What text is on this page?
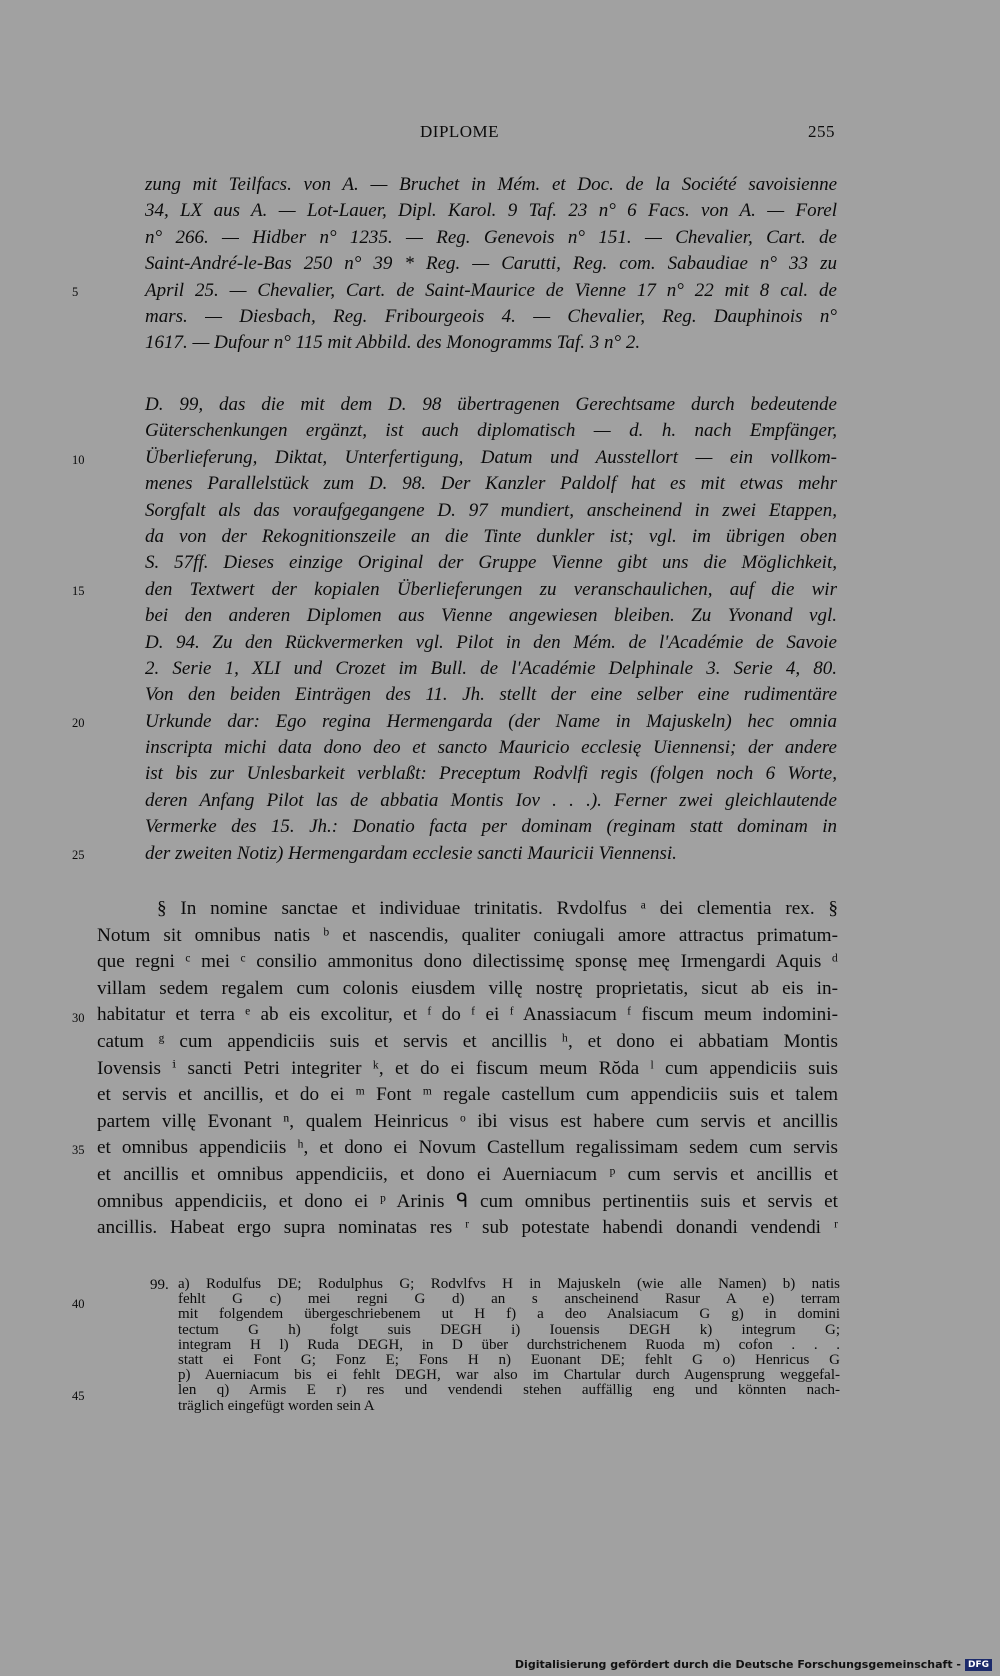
DIPLOME	255
5
10
15
20
25
30
35
40
45
zung mit Teilfacs. von A. — Bruchet in Mém. et Doc. de la Société savoisienne
34, LX aus A. — Lot-Lauer, Dipl. Karol. 9 Taf. 23 n° 6 Facs. von A. — Forel
n° 266. — Hidber n° 1235. — Reg. Genevois n° 151. — Chevalier, Cart. de
Saint-André-le-Bas 250 n° 39 * Reg. — Carutti, Reg. com. Sabaudiae n° 33 zu
April 25. — Chevalier, Cart. de Saint-Maurice de Vienne 17 n° 22 mit 8 cal. de
mars. — Diesbach, Reg. Fribourgeois 4. — Chevalier, Reg. Dauphinois n°
1617. — Dufour n° 115 mit Abbild. des Monogramms Taf. 3 n° 2.
D. 99, das die mit dem D. 98 übertragenen Gerechtsame durch bedeutende
Güterschenkungen ergänzt, ist auch diplomatisch — d. h. nach Empfänger,
Überlieferung, Diktat, Unterfertigung, Datum und Ausstellort — ein vollkom-
menes Parallelstück zum D. 98. Der Kanzler Paldolf hat es mit etwas mehr
Sorgfalt als das voraufgegangene D. 97 mundiert, anscheinend in zwei Etappen,
da von der Rekognitionszeile an die Tinte dunkler ist; vgl. im übrigen oben
S. 57ff. Dieses einzige Original der Gruppe Vienne gibt uns die Möglichkeit,
den Textwert der kopialen Überlieferungen zu veranschaulichen, auf die wir
bei den anderen Diplomen aus Vienne angewiesen bleiben. Zu Yvonand vgl.
D. 94. Zu den Rückvermerken vgl. Pilot in den Mém. de l'Académie de Savoie
2. Serie 1, XLI und Crozet im Bull. de l'Académie Delphinale 3. Serie 4, 80.
Von den beiden Einträgen des 11. Jh. stellt der eine selber eine rudimentäre
Urkunde dar: Ego regina Hermengarda (der Name in Majuskeln) hec omnia
inscripta michi data dono deo et sancto Mauricio ecclesię Uiennensi; der andere
ist bis zur Unlesbarkeit verblaßt: Preceptum Rodvlfi regis (folgen noch 6 Worte,
deren Anfang Pilot las de abbatia Montis Iov . . .). Ferner zwei gleichlautende
Vermerke des 15. Jh.: Donatio facta per dominam (reginam statt dominam in
der zweiten Notiz) Hermengardam ecclesie sancti Mauricii Viennensi.
§ In nomine sanctae et individuae trinitatis. Rvdolfus ᵃ dei clementia rex. §
Notum sit omnibus natis ᵇ et nascendis, qualiter coniugali amore attractus primatum-
que regni ᶜ mei ᶜ consilio ammonitus dono dilectissimę sponsę meę Irmengardi Aquis ᵈ
villam sedem regalem cum colonis eiusdem villę nostrę proprietatis, sicut ab eis in-
habitatur et terra ᵉ ab eis excolitur, et ᶠ do ᶠ ei ᶠ Anassiacum ᶠ fiscum meum indomini-
catum ᵍ cum appendiciis suis et servis et ancillis ʰ, et dono ei abbatiam Montis
Iovensis ⁱ sancti Petri integriter ᵏ, et do ei fiscum meum Rŏda ˡ cum appendiciis suis
et servis et ancillis, et do ei ᵐ Font ᵐ regale castellum cum appendiciis suis et talem
partem villę Evonant ⁿ, qualem Heinricus ᵒ ibi visus est habere cum servis et ancillis
et omnibus appendiciis ʰ, et dono ei Novum Castellum regalissimam sedem cum servis
et ancillis et omnibus appendiciis, et dono ei Auerniacum ᵖ cum servis et ancillis et
omnibus appendiciis, et dono ei ᵖ Arinis ᑫ cum omnibus pertinentiis suis et servis et
ancillis. Habeat ergo supra nominatas res ʳ sub potestate habendi donandi vendendi ʳ
99. a) Rodulfus DE; Rodulphus G; Rodvlfvs H in Majuskeln (wie alle Namen) b) natis
fehlt G c) mei regni G d) an s anscheinend Rasur A e) terram
mit folgendem übergeschriebenem ut H f) a deo Analsiacum G g) in domini
tectum G h) folgt suis DEGH i) Iouensis DEGH k) integrum G;
integram H l) Ruda DEGH, in D über durchstrichenem Ruoda m) cofon . . .
statt ei Font G; Fonz E; Fons H n) Euonant DE; fehlt G o) Henricus G
p) Auerniacum bis ei fehlt DEGH, war also im Chartular durch Augensprung weggefal-
len q) Armis E r) res und vendendi stehen auffällig eng und könnten nach-
träglich eingefügt worden sein A
Digitalisierung gefördert durch die Deutsche Forschungsgemeinschaft - DFG
